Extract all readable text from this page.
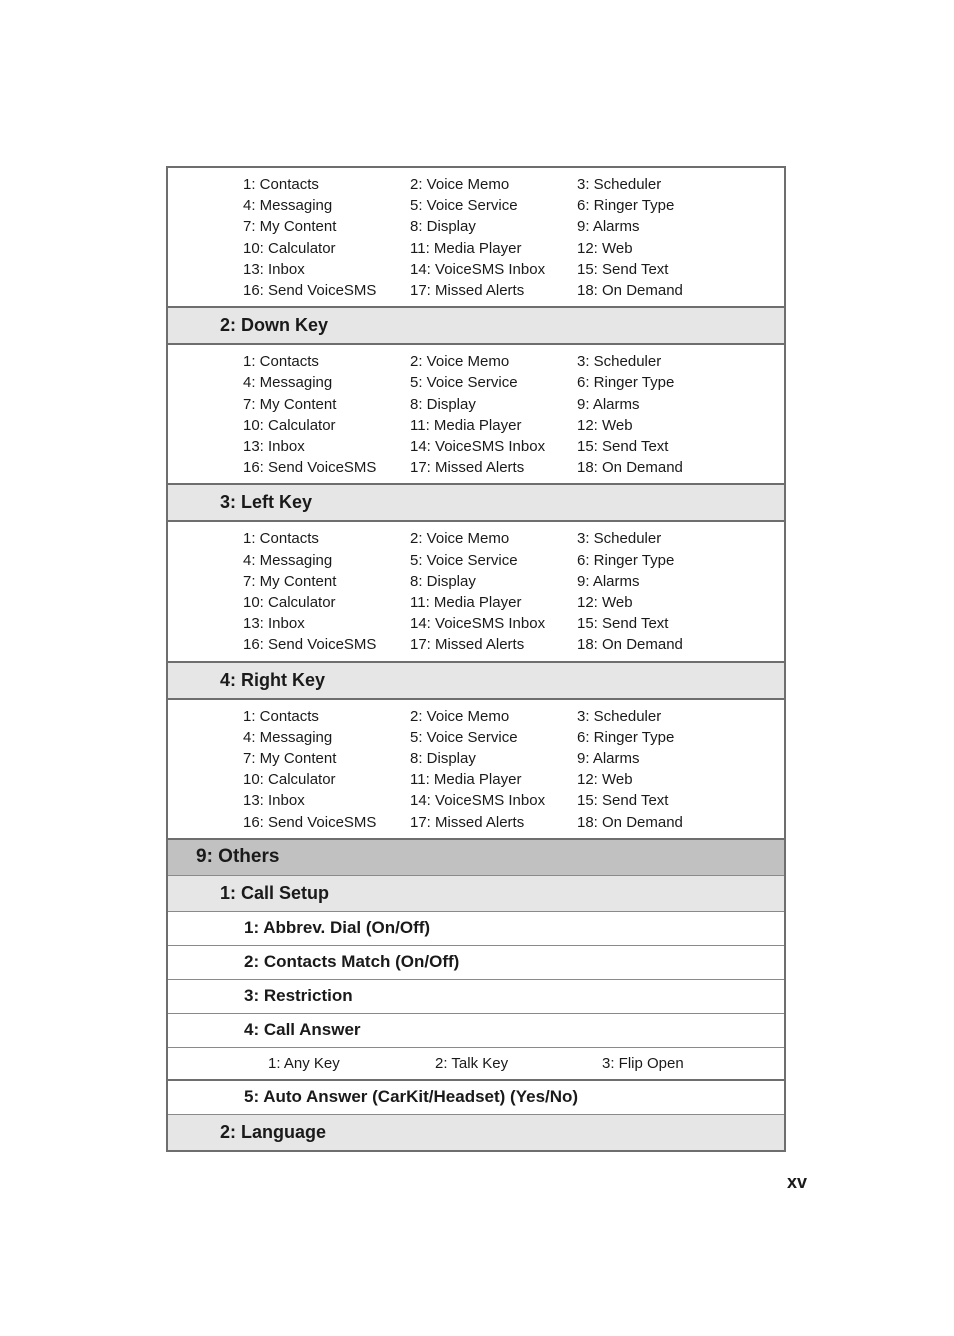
1: Contacts	2: Voice Memo	3: Scheduler
4: Messaging	5: Voice Service	6: Ringer Type
7: My Content	8: Display	9: Alarms
10: Calculator	11: Media Player	12: Web
13: Inbox	14: VoiceSMS Inbox	15: Send Text
16: Send VoiceSMS	17: Missed Alerts	18: On Demand
2: Down Key
1: Contacts	2: Voice Memo	3: Scheduler
4: Messaging	5: Voice Service	6: Ringer Type
7: My Content	8: Display	9: Alarms
10: Calculator	11: Media Player	12: Web
13: Inbox	14: VoiceSMS Inbox	15: Send Text
16: Send VoiceSMS	17: Missed Alerts	18: On Demand
3: Left Key
1: Contacts	2: Voice Memo	3: Scheduler
4: Messaging	5: Voice Service	6: Ringer Type
7: My Content	8: Display	9: Alarms
10: Calculator	11: Media Player	12: Web
13: Inbox	14: VoiceSMS Inbox	15: Send Text
16: Send VoiceSMS	17: Missed Alerts	18: On Demand
4: Right Key
1: Contacts	2: Voice Memo	3: Scheduler
4: Messaging	5: Voice Service	6: Ringer Type
7: My Content	8: Display	9: Alarms
10: Calculator	11: Media Player	12: Web
13: Inbox	14: VoiceSMS Inbox	15: Send Text
16: Send VoiceSMS	17: Missed Alerts	18: On Demand
9: Others
1: Call Setup
1: Abbrev. Dial (On/Off)
2: Contacts Match (On/Off)
3: Restriction
4: Call Answer
1: Any Key	2: Talk Key	3: Flip Open
5: Auto Answer (CarKit/Headset) (Yes/No)
2: Language
xv
